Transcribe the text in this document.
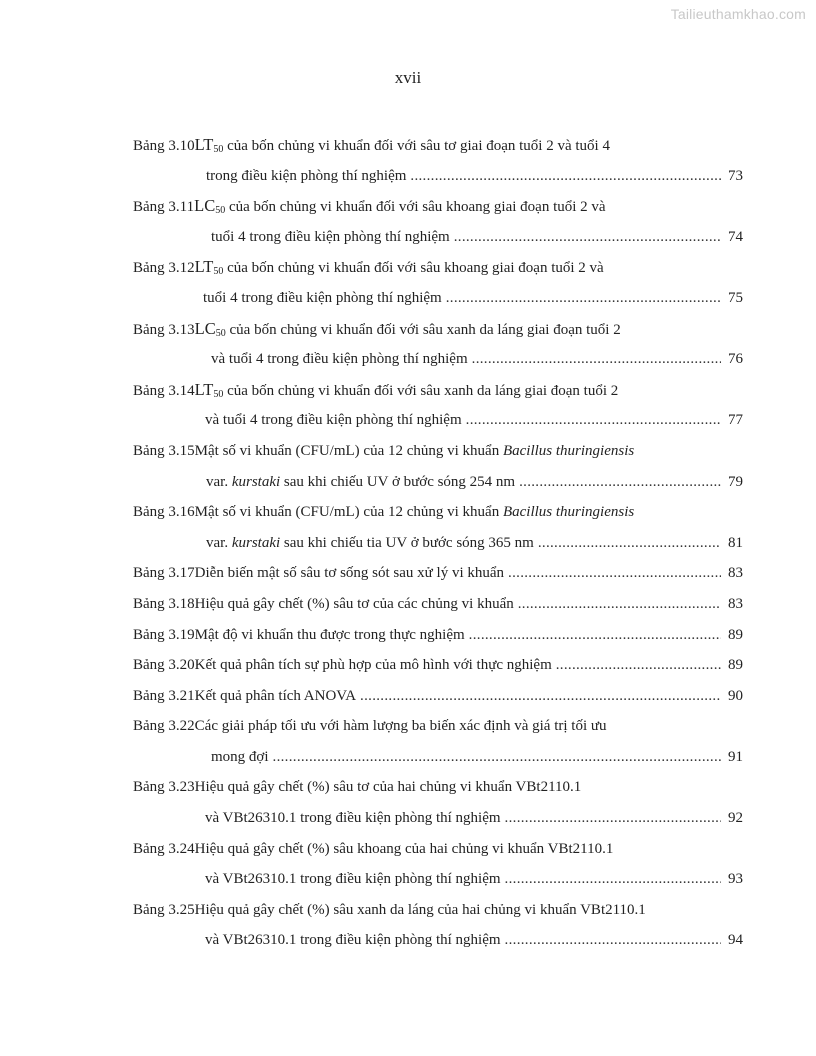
Tailieuthamkhao.com
xvii
Bảng 3.10 $LT_{50}$ của bốn chủng vi khuẩn đối với sâu tơ giai đoạn tuổi 2 và tuổi 4
trong điều kiện phòng thí nghiệm .....	73
Bảng 3.11 $LC_{50}$ của bốn chủng vi khuẩn đối với sâu khoang giai đoạn tuổi 2 và
tuổi 4 trong điều kiện phòng thí nghiệm .....	74
Bảng 3.12 $LT_{50}$ của bốn chủng vi khuẩn đối với sâu khoang giai đoạn tuổi 2 và
tuổi 4 trong điều kiện phòng thí nghiệm .....	75
Bảng 3.13 $LC_{50}$ của bốn chủng vi khuẩn đối với sâu xanh da láng giai đoạn tuổi 2
và tuổi 4 trong điều kiện phòng thí nghiệm .....	76
Bảng 3.14 $LT_{50}$ của bốn chủng vi khuẩn đối với sâu xanh da láng giai đoạn tuổi 2
và tuổi 4 trong điều kiện phòng thí nghiệm .....	77
Bảng 3.15 Mật số vi khuẩn (CFU/mL) của 12 chủng vi khuẩn Bacillus thuringiensis
var. kurstaki sau khi chiếu UV ở bước sóng 254 nm .....	79
Bảng 3.16 Mật số vi khuẩn (CFU/mL) của 12 chủng vi khuẩn Bacillus thuringiensis
var. kurstaki sau khi chiếu tia UV ở bước sóng 365 nm .....	81
Bảng 3.17 Diễn biến mật số sâu tơ sống sót sau xử lý vi khuẩn .....	83
Bảng 3.18 Hiệu quả gây chết (%) sâu tơ của các chủng vi khuẩn .....	83
Bảng 3.19 Mật độ vi khuẩn thu được trong thực nghiệm .....	89
Bảng 3.20 Kết quả phân tích sự phù hợp của mô hình với thực nghiệm .....	89
Bảng 3.21 Kết quả phân tích ANOVA .....	90
Bảng 3.22 Các giải pháp tối ưu với hàm lượng ba biến xác định và giá trị tối ưu
mong đợi .....	91
Bảng 3.23 Hiệu quả gây chết (%) sâu tơ của hai chủng vi khuẩn VBt2110.1
và VBt26310.1 trong điều kiện phòng thí nghiệm .....	92
Bảng 3.24 Hiệu quả gây chết (%) sâu khoang của hai chủng vi khuẩn VBt2110.1
và VBt26310.1 trong điều kiện phòng thí nghiệm .....	93
Bảng 3.25 Hiệu quả gây chết (%) sâu xanh da láng của hai chủng vi khuẩn VBt2110.1
và VBt26310.1 trong điều kiện phòng thí nghiệm .....	94
